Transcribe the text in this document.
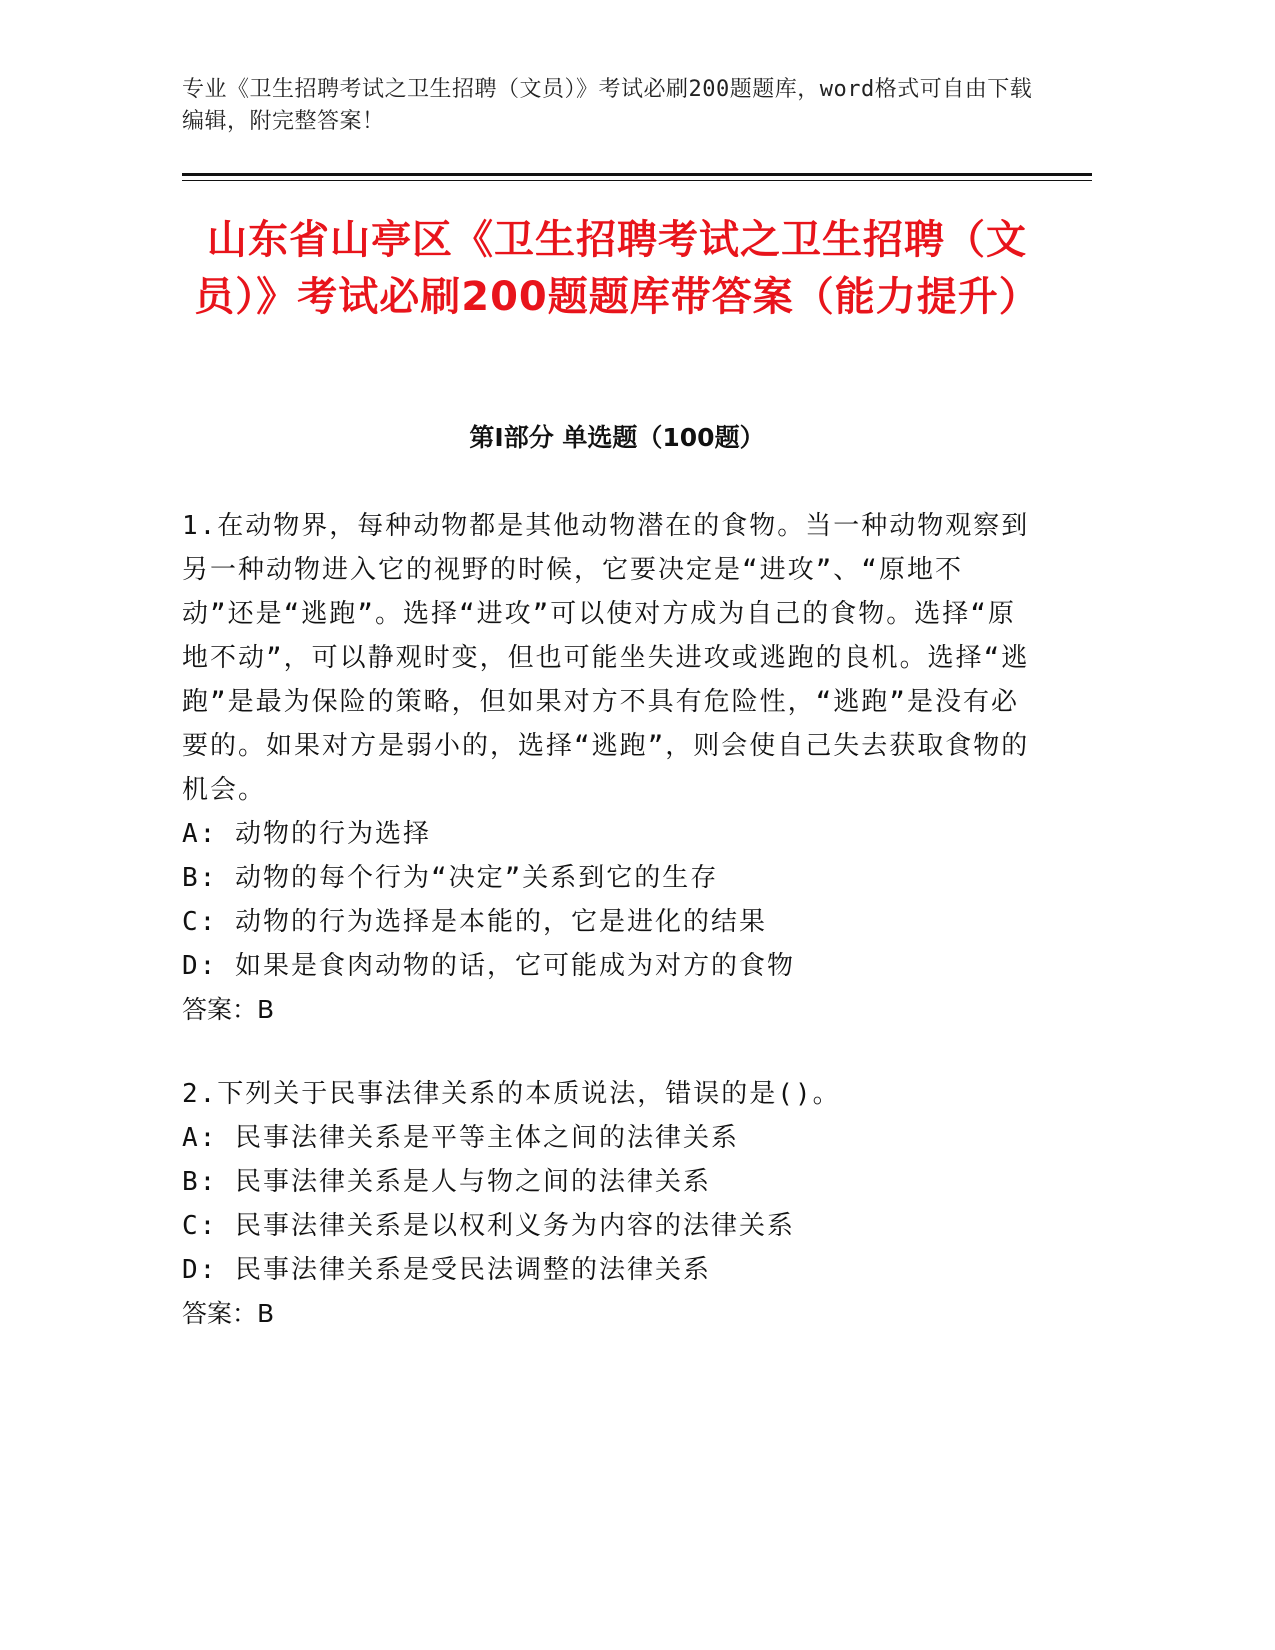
专业《卫生招聘考试之卫生招聘（文员）》考试必刷200题题库，word格式可自由下载编辑，附完整答案！
山东省山亭区《卫生招聘考试之卫生招聘（文员）》考试必刷200题题库带答案（能力提升）
第I部分 单选题（100题）

1.在动物界，每种动物都是其他动物潜在的食物。当一种动物观察到另一种动物进入它的视野的时候，它要决定是“进攻”、“原地不动”还是“逃跑”。选择“进攻”可以使对方成为自己的食物。选择“原地不动”，可以静观时变，但也可能坐失进攻或逃跑的良机。选择“逃跑”是最为保险的策略，但如果对方不具有危险性，“逃跑”是没有必要的。如果对方是弱小的，选择“逃跑”，则会使自己失去获取食物的机会。

A: 动物的行为选择

B: 动物的每个行为“决定”关系到它的生存

C: 动物的行为选择是本能的，它是进化的结果

D: 如果是食肉动物的话，它可能成为对方的食物

答案：B

2.下列关于民事法律关系的本质说法，错误的是()。

A: 民事法律关系是平等主体之间的法律关系

B: 民事法律关系是人与物之间的法律关系

C: 民事法律关系是以权利义务为内容的法律关系

D: 民事法律关系是受民法调整的法律关系

答案：B
